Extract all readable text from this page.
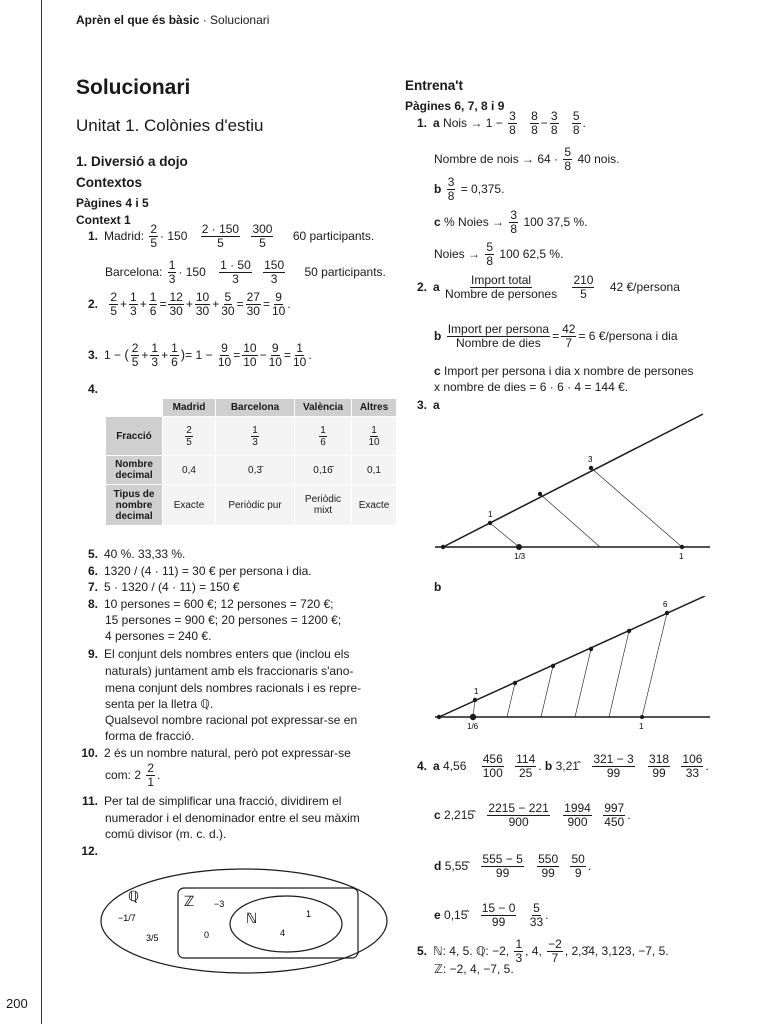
Aprèn el que és bàsic · Solucionari
200
Solucionari
Unitat 1. Colònies d'estiu
1. Diversió a dojo
Contextos
Pàgines 4 i 5
Context 1
1. Madrid: $\frac{2}{5} \cdot 150 \frac{2 \cdot 150}{5}$
$\frac{300}{5} 60$ participants.
Barcelona: $\frac{1}{3} \cdot 150 \frac{1 \cdot 50}{3}$
$\frac{150}{3} 50$ participants.
2. $\frac{2}{5} + \frac{1}{3} + \frac{1}{6} = \frac{12}{30} + \frac{10}{30} + \frac{5}{30} = \frac{27}{30} = \frac{9}{10}$ .
3. 1 − ( $\frac{2}{5} + \frac{1}{3} + \frac{1}{6}$ )= $1 - \frac{9}{10} = \frac{10}{10} - \frac{9}{10} = \frac{1}{10}$ .
4.
	Madrid	Barcelona	València	Altres
Fracció	$\frac{2}{5}$	$\frac{1}{3}$	$\frac{1}{6}$	$\frac{1}{10}$

Nombre decimal	0,4	0,3̄	0,16̄	0,1
Tipus de nombre decimal	Exacte	Periòdic pur	Periòdic mixt	Exacte
5. 40 %. 33,33 %.
6. 1320 / (4 · 11) = 30 € per persona i dia.
7. 5 · 1320 / (4 · 11) = 150 €
8. 10 persones = 600 €; 12 persones = 720 €;
15 persones = 900 €; 20 persones = 1200 €;
4 persones = 240 €.
9. El conjunt dels nombres enters que (inclou els
naturals) juntament amb els fraccionaris s'ano-
mena conjunt dels nombres racionals i es repre-
senta per la lletra ℚ.
Qualsevol nombre racional pot expressar-se en
forma de fracció.
10. 2 és un nombre natural, però pot expressar-se
com: $2 \frac{2}{1}$ .
11. Per tal de simplificar una fracció, dividirem el
numerador i el denominador entre el seu màxim
comú divisor (m. c. d.).
12.
ℚ	ℤ
ℕ
−1/7
3/5
−3
0
1
4
Entrena't
Pàgines 6, 7, 8 i 9
1. a Nois → $1 - \frac{3}{8}$
$\frac{8}{8} - \frac{3}{8}$
$\frac{5}{8}$ .
Nombre de nois → $64 \cdot \frac{5}{8} 40$ nois.
b $\frac{3}{8} = 0,375$.
c % Noies → $\frac{3}{8} 100$ 37,5 %.
Noies → $\frac{5}{8} 100$ 62,5 %.
2. a $\frac{\text{Import total}}{\text{Nombre de persones}}$
$\frac{210}{5} 42$ €/persona
b $\frac{\text{Import per persona}}{\text{Nombre de dies}} = \frac{42}{7} = 6$ €/persona i dia
c Import per persona i dia x nombre de persones
x nombre de dies = 6 · 6 · 4 = 144 €.
3. a
1
3
1/3	1
b
1
6
1/6	1
4. a $4,56 \frac{456}{100}$
$\frac{114}{25}$ . b 3,21̂ $\frac{321 - 3}{99}$
$\frac{318}{99}$
$\frac{106}{33}$ .
c 2,215̂ $\frac{2215 - 221}{900}$
$\frac{1994}{900}$
$\frac{997}{450}$ .
d 5,55̂ $\frac{555 - 5}{99}$
$\frac{550}{99}$
$\frac{50}{9}$ .
e 0,15̂ $\frac{15 - 0}{99}$
$\frac{5}{33}$ .
5. ℕ: 4, 5. ℚ: −2, $\frac{1}{3}$ , 4, $\frac{-2}{7}$ , 2,3̂4, 3,123, −7, 5.
ℤ: −2, 4, −7, 5.
